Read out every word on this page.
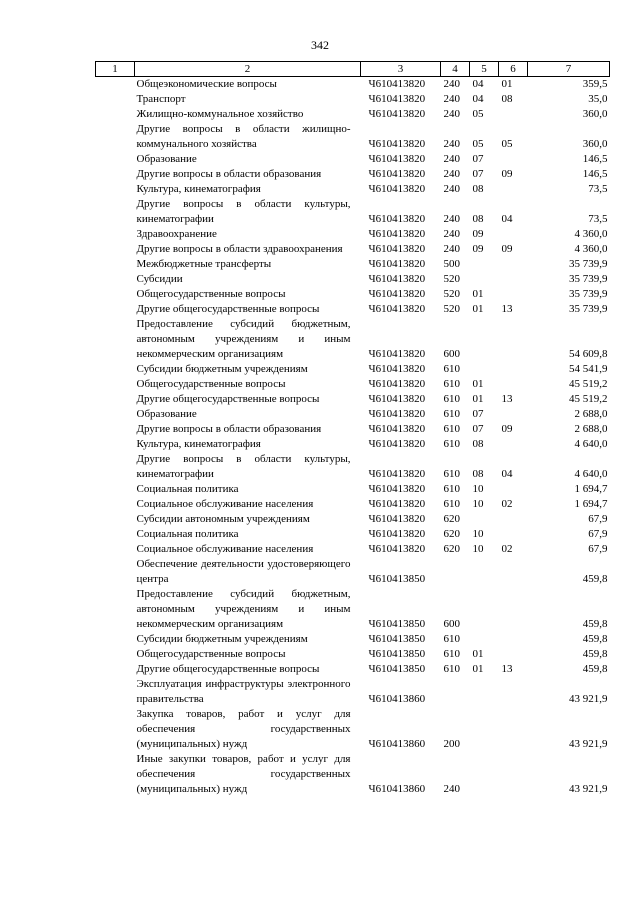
342
1	2	3	4	5	6	7
	Общеэкономические вопросы	Ч610413820	240	04	01	359,5
	Транспорт	Ч610413820	240	04	08	35,0
	Жилищно-коммунальное хозяйство	Ч610413820	240	05		360,0
	Другие вопросы в области жилищно-коммунального хозяйства	Ч610413820	240	05	05	360,0
	Образование	Ч610413820	240	07		146,5
	Другие вопросы в области образования	Ч610413820	240	07	09	146,5
	Культура, кинематография	Ч610413820	240	08		73,5
	Другие вопросы в области культуры, кинематографии	Ч610413820	240	08	04	73,5
	Здравоохранение	Ч610413820	240	09		4 360,0
	Другие вопросы в области здравоохранения	Ч610413820	240	09	09	4 360,0
	Межбюджетные трансферты	Ч610413820	500			35 739,9
	Субсидии	Ч610413820	520			35 739,9
	Общегосударственные вопросы	Ч610413820	520	01		35 739,9
	Другие общегосударственные вопросы	Ч610413820	520	01	13	35 739,9
	Предоставление субсидий бюджетным, автономным учреждениям и иным некоммерческим организациям	Ч610413820	600			54 609,8
	Субсидии бюджетным учреждениям	Ч610413820	610			54 541,9
	Общегосударственные вопросы	Ч610413820	610	01		45 519,2
	Другие общегосударственные вопросы	Ч610413820	610	01	13	45 519,2
	Образование	Ч610413820	610	07		2 688,0
	Другие вопросы в области образования	Ч610413820	610	07	09	2 688,0
	Культура, кинематография	Ч610413820	610	08		4 640,0
	Другие вопросы в области культуры, кинематографии	Ч610413820	610	08	04	4 640,0
	Социальная политика	Ч610413820	610	10		1 694,7
	Социальное обслуживание населения	Ч610413820	610	10	02	1 694,7
	Субсидии автономным учреждениям	Ч610413820	620			67,9
	Социальная политика	Ч610413820	620	10		67,9
	Социальное обслуживание населения	Ч610413820	620	10	02	67,9
	Обеспечение деятельности удостоверяющего центра	Ч610413850				459,8
	Предоставление субсидий бюджетным, автономным учреждениям и иным некоммерческим организациям	Ч610413850	600			459,8
	Субсидии бюджетным учреждениям	Ч610413850	610			459,8
	Общегосударственные вопросы	Ч610413850	610	01		459,8
	Другие общегосударственные вопросы	Ч610413850	610	01	13	459,8
	Эксплуатация инфраструктуры электронного правительства	Ч610413860				43 921,9
	Закупка товаров, работ и услуг для обеспечения государственных (муниципальных) нужд	Ч610413860	200			43 921,9
	Иные закупки товаров, работ и услуг для обеспечения государственных (муниципальных) нужд	Ч610413860	240			43 921,9
